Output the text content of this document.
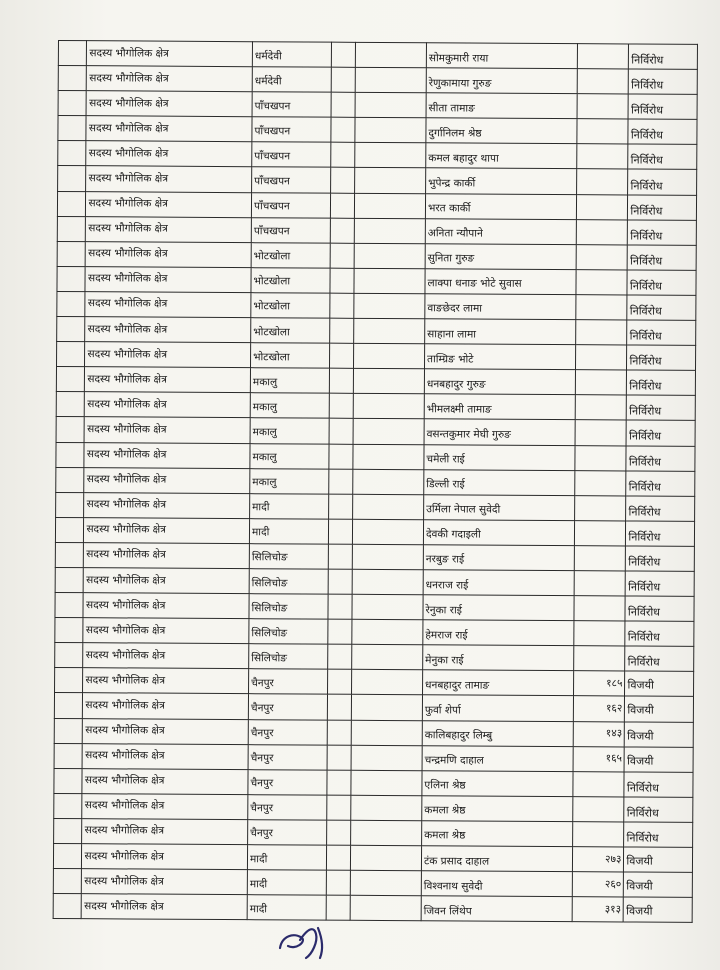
	सदस्य भौगोलिक क्षेत्र	धर्मदेवी			सोमकुमारी राया		निर्विरोध
	सदस्य भौगोलिक क्षेत्र	धर्मदेवी			रेणुकामाया गुरुङ		निर्विरोध
	सदस्य भौगोलिक क्षेत्र	पाँचखपन			सीता तामाङ		निर्विरोध
	सदस्य भौगोलिक क्षेत्र	पाँचखपन			दुर्गानिलम श्रेष्ठ		निर्विरोध
	सदस्य भौगोलिक क्षेत्र	पाँचखपन			कमल बहादुर थापा		निर्विरोध
	सदस्य भौगोलिक क्षेत्र	पाँचखपन			भुपेन्द्र कार्की		निर्विरोध
	सदस्य भौगोलिक क्षेत्र	पाँचखपन			भरत कार्की		निर्विरोध
	सदस्य भौगोलिक क्षेत्र	पाँचखपन			अनिता न्यौपाने		निर्विरोध
	सदस्य भौगोलिक क्षेत्र	भोटखोला			सुनिता गुरुङ		निर्विरोध
	सदस्य भौगोलिक क्षेत्र	भोटखोला			लाक्पा धनाङ भोटे सुवास		निर्विरोध
	सदस्य भौगोलिक क्षेत्र	भोटखोला			वाङछेदर लामा		निर्विरोध
	सदस्य भौगोलिक क्षेत्र	भोटखोला			साहाना लामा		निर्विरोध
	सदस्य भौगोलिक क्षेत्र	भोटखोला			ताम्ग्रिङ भोटे		निर्विरोध
	सदस्य भौगोलिक क्षेत्र	मकालु			धनबहादुर गुरुङ		निर्विरोध
	सदस्य भौगोलिक क्षेत्र	मकालु			भीमलक्ष्मी तामाङ		निर्विरोध
	सदस्य भौगोलिक क्षेत्र	मकालु			वसन्तकुमार मेघी गुरुङ		निर्विरोध
	सदस्य भौगोलिक क्षेत्र	मकालु			चमेली राई		निर्विरोध
	सदस्य भौगोलिक क्षेत्र	मकालु			डिल्ली राई		निर्विरोध
	सदस्य भौगोलिक क्षेत्र	मादी			उर्मिला नेपाल सुवेदी		निर्विरोध
	सदस्य भौगोलिक क्षेत्र	मादी			देवकी गदाइली		निर्विरोध
	सदस्य भौगोलिक क्षेत्र	सिलिचोङ			नरबुङ राई		निर्विरोध
	सदस्य भौगोलिक क्षेत्र	सिलिचोङ			धनराज राई		निर्विरोध
	सदस्य भौगोलिक क्षेत्र	सिलिचोङ			रेनुका राई		निर्विरोध
	सदस्य भौगोलिक क्षेत्र	सिलिचोङ			हेमराज राई		निर्विरोध
	सदस्य भौगोलिक क्षेत्र	सिलिचोङ			मेनुका राई		निर्विरोध
	सदस्य भौगोलिक क्षेत्र	चैनपुर			धनबहादुर तामाङ	१८५	विजयी
	सदस्य भौगोलिक क्षेत्र	चैनपुर			फुर्वा शेर्पा	१६२	विजयी
	सदस्य भौगोलिक क्षेत्र	चैनपुर			कालिबहादुर लिम्बु	१४३	विजयी
	सदस्य भौगोलिक क्षेत्र	चैनपुर			चन्द्रमणि दाहाल	१६५	विजयी
	सदस्य भौगोलिक क्षेत्र	चैनपुर			एलिना श्रेष्ठ		निर्विरोध
	सदस्य भौगोलिक क्षेत्र	चैनपुर			कमला श्रेष्ठ		निर्विरोध
	सदस्य भौगोलिक क्षेत्र	चैनपुर			कमला श्रेष्ठ		निर्विरोध
	सदस्य भौगोलिक क्षेत्र	मादी			टंक प्रसाद दाहाल	२७३	विजयी
	सदस्य भौगोलिक क्षेत्र	मादी			विश्वनाथ सुवेदी	२६०	विजयी
	सदस्य भौगोलिक क्षेत्र	मादी			जिवन लिंथेप	३१३	विजयी
